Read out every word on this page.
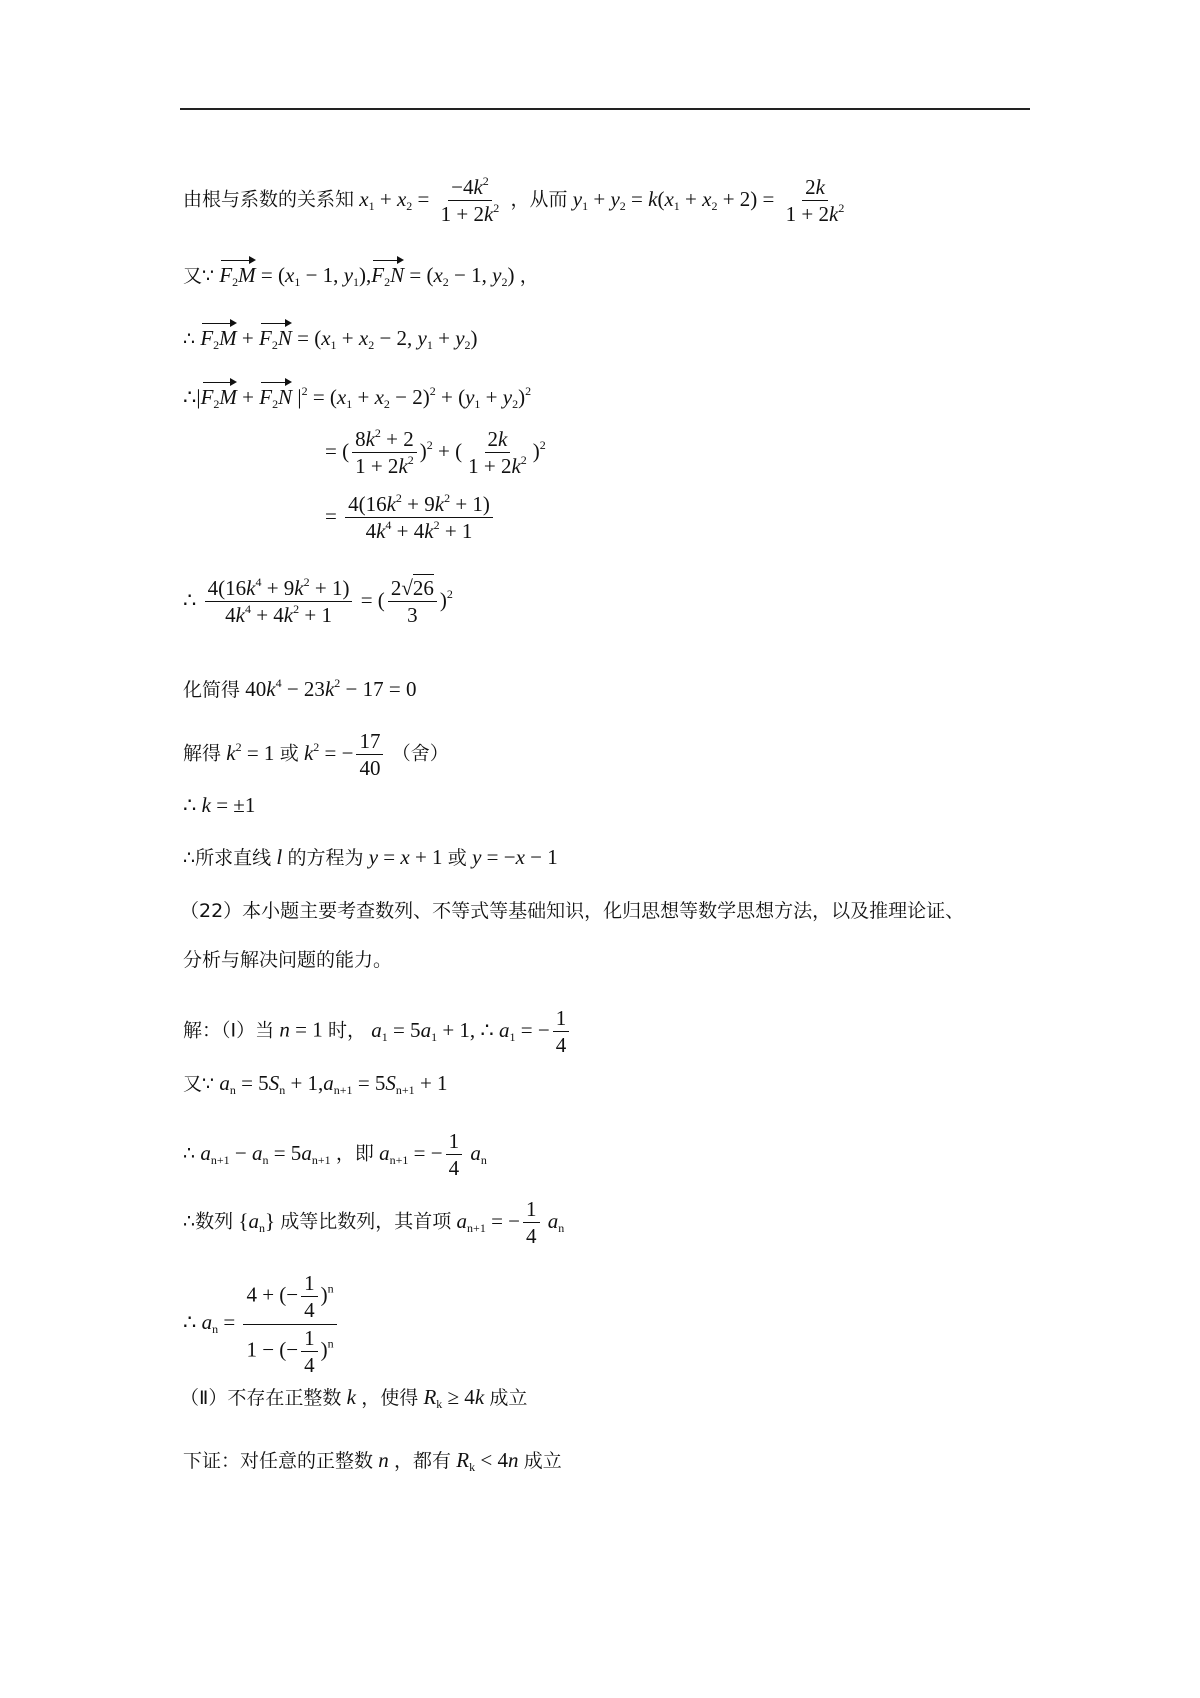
由根与系数的关系知 $x_1 + x_2 = \frac{-4k^2}{1 + 2k^2}$ ，从而 $y_1 + y_2 = k(x_1 + x_2 + 2) = \frac{2k}{1 + 2k^2}$
又∵ $F_2M = (x_1 - 1$, $y_1),F_2N = (x_2 - 1$, $y_2$) ，
∴ $F_2M + F_2N = (x_1 + x_2 - 2$, $y_1 + y_2$)
$\therefore|F_2M + F_2N$ $|^2 = (x_1 + x_2 - 2)^2 + (y_1 + y_2)^2$
= ( $\frac{8k^2 + 2}{1 + 2k^2} )^2$ + ( $\frac{2k}{1 + 2k^2} )^2$
= $\frac{4(16k^2 + 9k^2 + 1)}{4k^4 + 4k^2 + 1}$
∴ $\frac{4(16k^4 + 9k^2 + 1)}{4k^4 + 4k^2 + 1}$ = ( $\frac{2√26}{3} )^2$
化简得 $40k^4 - 23k^2 - 17 = 0$
解得 $k^2 = 1$ 或 $k^2$ = − $\frac{17}{40}$ （舍）
∴ k = ±1
∴所求直线 l 的方程为 y = x + 1 或 y = −x − 1
（22）本小题主要考查数列、不等式等基础知识，化归思想等数学思想方法，以及推理论证、
分析与解决问题的能力。
解：（Ⅰ）当 n = 1 时， $a_1 = 5a_1 + 1$, ∴ $a_1$ = − $\frac{1}{4}$
又∵ $a_n = 5S_n + 1,a_{n+1} = 5S_{n+1} + 1$
∴ $a_{n+1} - a_n = 5a_{n+1}$ ，即 $a_{n+1}$ = − $\frac{1}{4} a_n$
∴数列 $\{a_n\}$ 成等比数列，其首项 $a_{n+1}$ = − $\frac{1}{4} a_n$
∴ $a_n = \frac{4 + (- \frac{1}{4} )^n}{1 - (- \frac{1}{4} )^n}$
（Ⅱ）不存在正整数 k ，使得 $R_k \ge 4k$ 成立
下证：对任意的正整数 n ，都有 $R_k < 4n$ 成立
